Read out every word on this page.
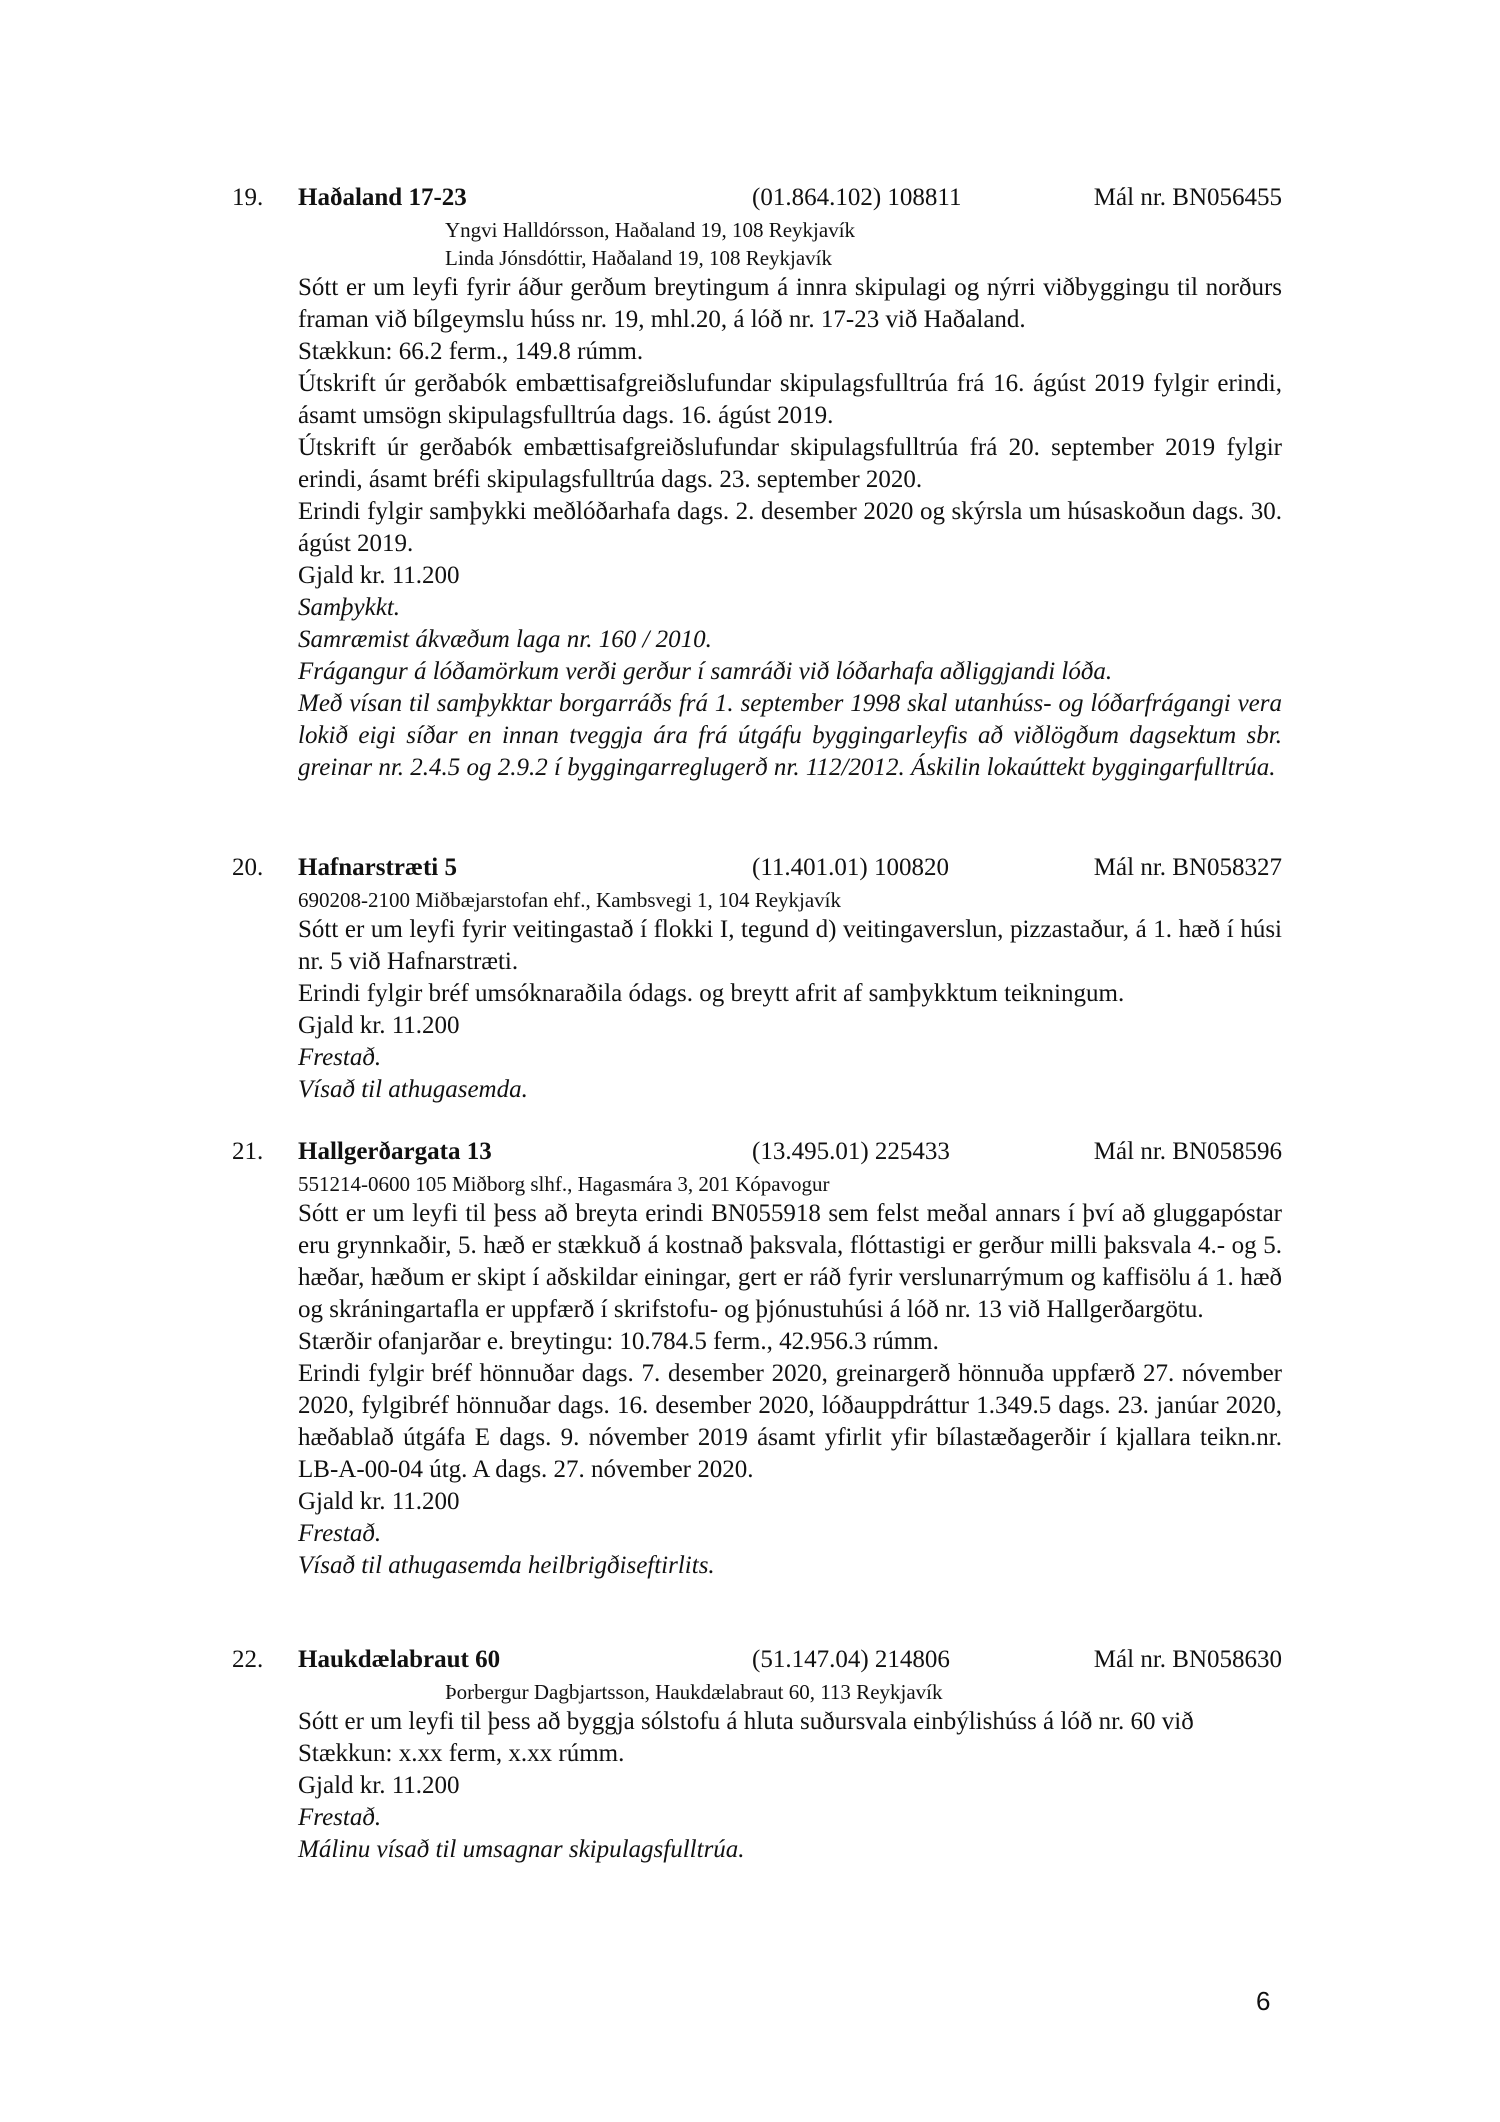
19. Haðaland 17-23	(01.864.102) 108811	Mál nr. BN056455
Yngvi Halldórsson, Haðaland 19, 108 Reykjavík
Linda Jónsdóttir, Haðaland 19, 108 Reykjavík
Sótt er um leyfi fyrir áður gerðum breytingum á innra skipulagi og nýrri viðbyggingu til norðurs framan við bílgeymslu húss nr. 19, mhl.20, á lóð nr. 17-23 við Haðaland.
Stækkun: 66.2 ferm., 149.8 rúmm.
Útskrift úr gerðabók embættisafgreiðslufundar skipulagsfulltrúa frá 16. ágúst 2019 fylgir erindi, ásamt umsögn skipulagsfulltrúa dags. 16. ágúst 2019.
Útskrift úr gerðabók embættisafgreiðslufundar skipulagsfulltrúa frá 20. september 2019 fylgir erindi, ásamt bréfi skipulagsfulltrúa dags. 23. september 2020.
Erindi fylgir samþykki meðlóðarhafa dags. 2. desember 2020 og skýrsla um húsaskoðun dags. 30. ágúst 2019.
Gjald kr. 11.200
Samþykkt.
Samræmist ákvæðum laga nr. 160 / 2010.
Frágangur á lóðamörkum verði gerður í samráði við lóðarhafa aðliggjandi lóða.
Með vísan til samþykktar borgarráðs frá 1. september 1998 skal utanhúss- og lóðarfrágangi vera lokið eigi síðar en innan tveggja ára frá útgáfu byggingarleyfis að viðlögðum dagsektum sbr. greinar nr. 2.4.5 og 2.9.2 í byggingarreglugerð nr. 112/2012. Áskilin lokaúttekt byggingarfulltrúa.
20. Hafnarstræti 5	(11.401.01) 100820	Mál nr. BN058327
690208-2100 Miðbæjarstofan ehf., Kambsvegi 1, 104 Reykjavík
Sótt er um leyfi fyrir veitingastað í flokki I, tegund d) veitingaverslun, pizzastaður, á 1. hæð í húsi nr. 5 við Hafnarstræti.
Erindi fylgir bréf umsóknaraðila ódags. og breytt afrit af samþykktum teikningum.
Gjald kr. 11.200
Frestað.
Vísað til athugasemda.
21. Hallgerðargata 13	(13.495.01) 225433	Mál nr. BN058596
551214-0600 105 Miðborg slhf., Hagasmára 3, 201 Kópavogur
Sótt er um leyfi til þess að breyta erindi BN055918 sem felst meðal annars í því að gluggapóstar eru grynnkaðir, 5. hæð er stækkuð á kostnað þaksvala, flóttastigi er gerður milli þaksvala 4.- og 5. hæðar, hæðum er skipt í aðskildar einingar, gert er ráð fyrir verslunarrýmum og kaffisölu á 1. hæð og skráningartafla er uppfærð í skrifstofu- og þjónustuhúsi á lóð nr. 13 við Hallgerðargötu.
Stærðir ofanjarðar e. breytingu: 10.784.5 ferm., 42.956.3 rúmm.
Erindi fylgir bréf hönnuðar dags. 7. desember 2020, greinargerð hönnuða uppfærð 27. nóvember 2020, fylgibréf hönnuðar dags. 16. desember 2020, lóðauppdráttur 1.349.5 dags. 23. janúar 2020, hæðablað útgáfa E dags. 9. nóvember 2019 ásamt yfirlit yfir bílastæðagerðir í kjallara teikn.nr. LB-A-00-04 útg. A dags. 27. nóvember 2020.
Gjald kr. 11.200
Frestað.
Vísað til athugasemda heilbrigðiseftirlits.
22. Haukdælabraut 60	(51.147.04) 214806	Mál nr. BN058630
Þorbergur Dagbjartsson, Haukdælabraut 60, 113 Reykjavík
Sótt er um leyfi til þess að byggja sólstofu á hluta suðursvala einbýlishúss á lóð nr. 60 við
Stækkun: x.xx ferm, x.xx rúmm.
Gjald kr. 11.200
Frestað.
Málinu vísað til umsagnar skipulagsfulltrúa.
6
